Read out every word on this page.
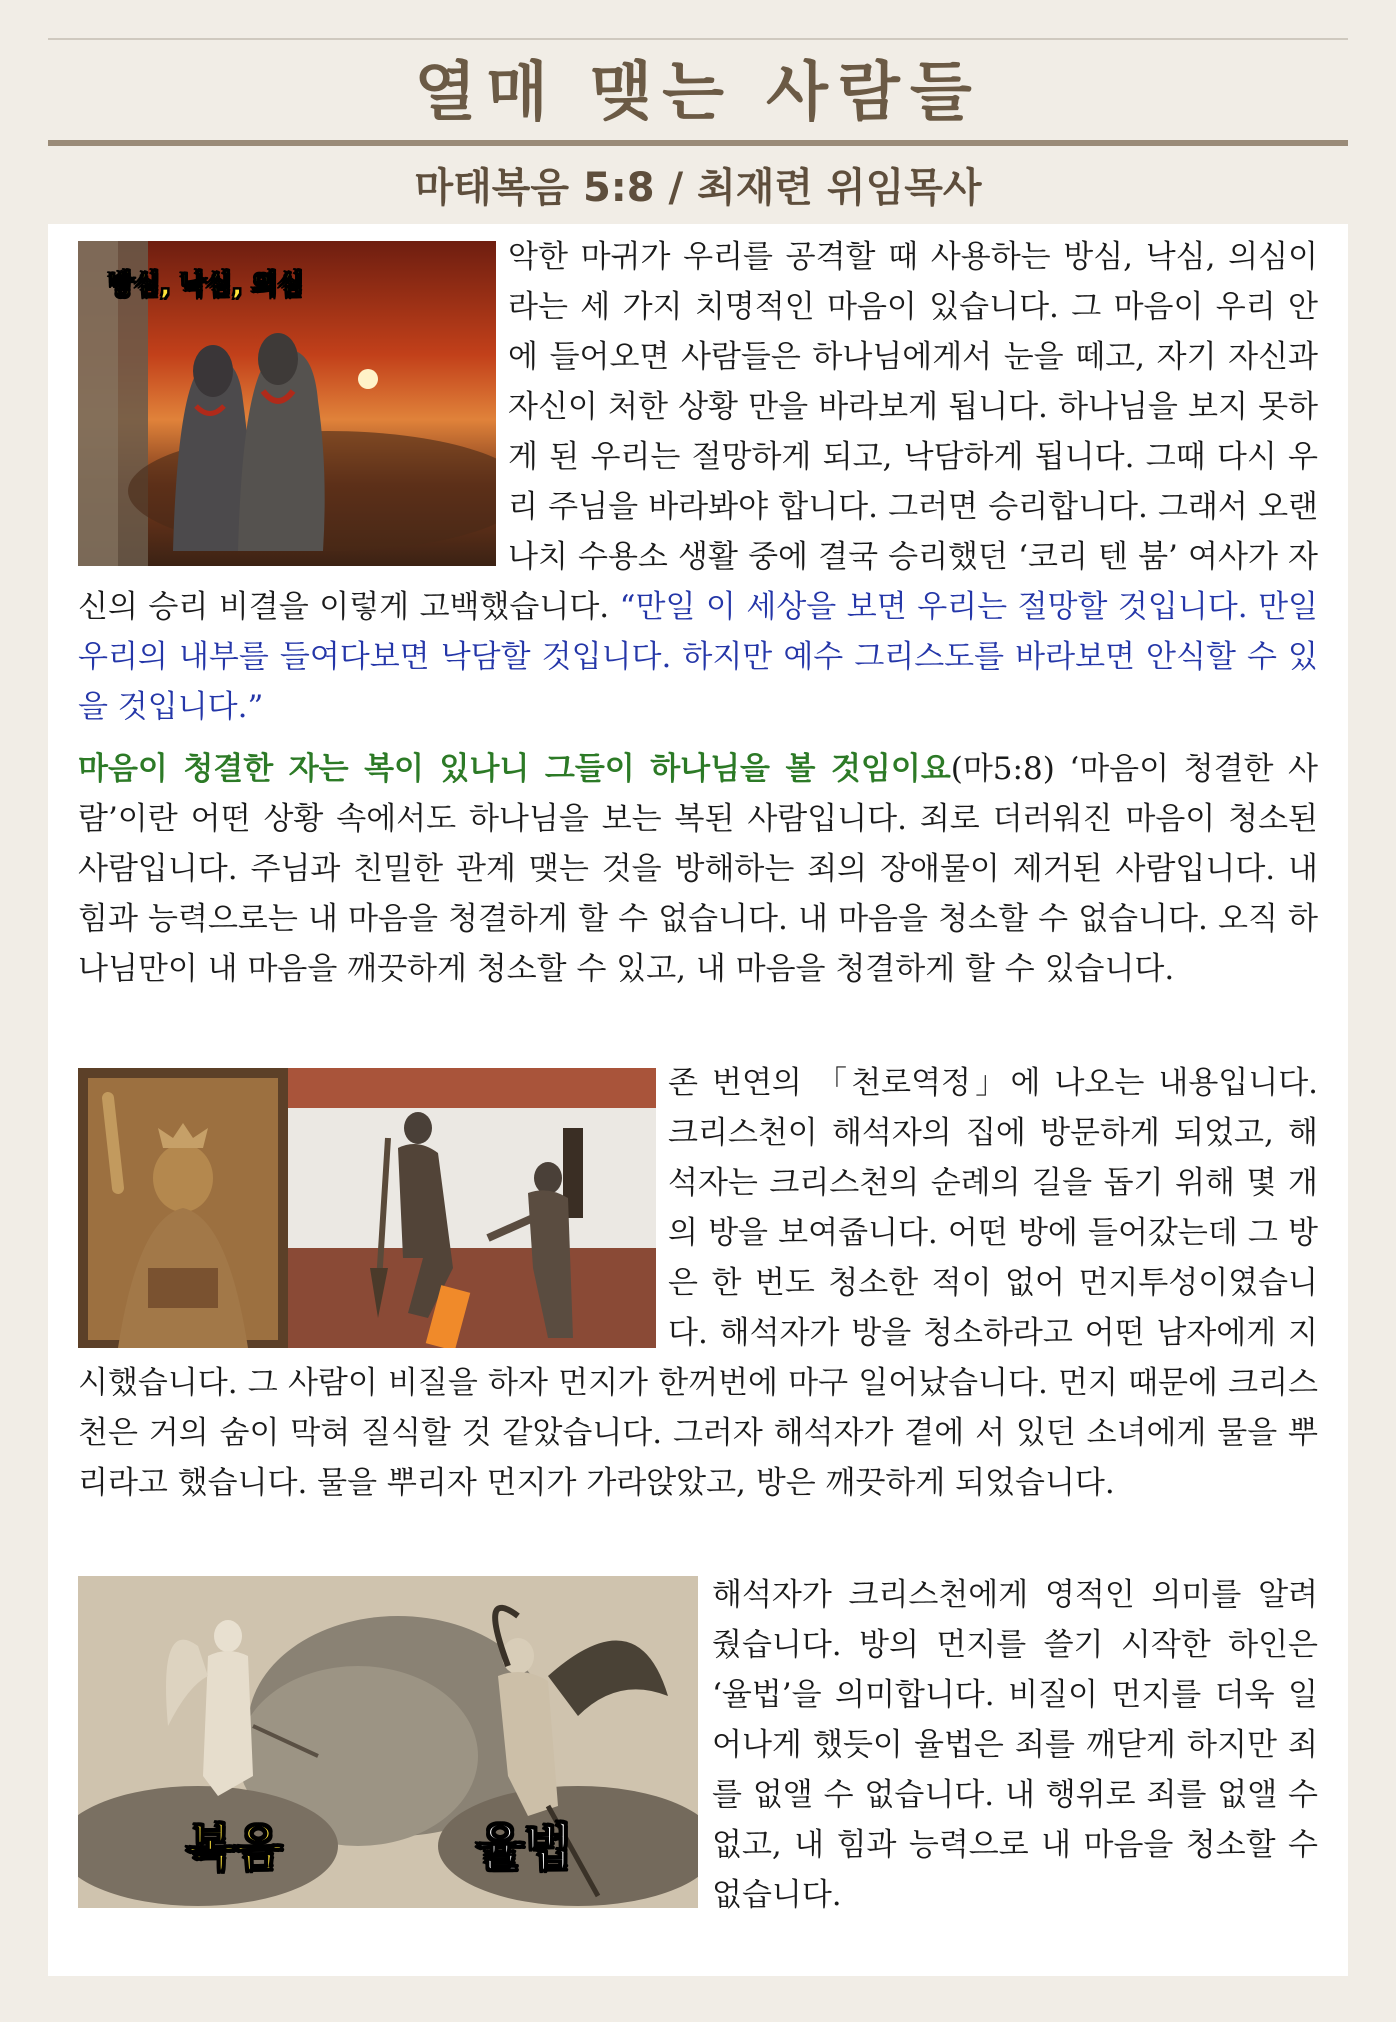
열매 맺는 사람들
마태복음 5:8 / 최재련 위임목사
방심, 낙심, 의심

악한 마귀가 우리를 공격할 때 사용하는 방심, 낙심, 의심이라는 세 가지 치명적인 마음이 있습니다. 그 마음이 우리 안에 들어오면 사람들은 하나님에게서 눈을 떼고, 자기 자신과 자신이 처한 상황 만을 바라보게 됩니다. 하나님을 보지 못하게 된 우리는 절망하게 되고, 낙담하게 됩니다. 그때 다시 우리 주님을 바라봐야 합니다. 그러면 승리합니다. 그래서 오랜 나치 수용소 생활 중에 결국 승리했던 ‘코리 텐 붐’ 여사가 자신의 승리 비결을 이렇게 고백했습니다. “만일 이 세상을 보면 우리는 절망할 것입니다. 만일 우리의 내부를 들여다보면 낙담할 것입니다. 하지만 예수 그리스도를 바라보면 안식할 수 있을 것입니다.”

마음이 청결한 자는 복이 있나니 그들이 하나님을 볼 것임이요(마5:8) ‘마음이 청결한 사람’이란 어떤 상황 속에서도 하나님을 보는 복된 사람입니다. 죄로 더러워진 마음이 청소된 사람입니다. 주님과 친밀한 관계 맺는 것을 방해하는 죄의 장애물이 제거된 사람입니다. 내 힘과 능력으로는 내 마음을 청결하게 할 수 없습니다. 내 마음을 청소할 수 없습니다. 오직 하나님만이 내 마음을 깨끗하게 청소할 수 있고, 내 마음을 청결하게 할 수 있습니다.

존 번연의 「천로역정」에 나오는 내용입니다. 크리스천이 해석자의 집에 방문하게 되었고, 해석자는 크리스천의 순례의 길을 돕기 위해 몇 개의 방을 보여줍니다. 어떤 방에 들어갔는데 그 방은 한 번도 청소한 적이 없어 먼지투성이였습니다. 해석자가 방을 청소하라고 어떤 남자에게 지시했습니다. 그 사람이 비질을 하자 먼지가 한꺼번에 마구 일어났습니다. 먼지 때문에 크리스천은 거의 숨이 막혀 질식할 것 같았습니다. 그러자 해석자가 곁에 서 있던 소녀에게 물을 뿌리라고 했습니다. 물을 뿌리자 먼지가 가라앉았고, 방은 깨끗하게 되었습니다.

복음	율법

해석자가 크리스천에게 영적인 의미를 알려 줬습니다. 방의 먼지를 쓸기 시작한 하인은 ‘율법’을 의미합니다. 비질이 먼지를 더욱 일어나게 했듯이 율법은 죄를 깨닫게 하지만 죄를 없앨 수 없습니다. 내 행위로 죄를 없앨 수 없고, 내 힘과 능력으로 내 마음을 청소할 수 없습니다.
